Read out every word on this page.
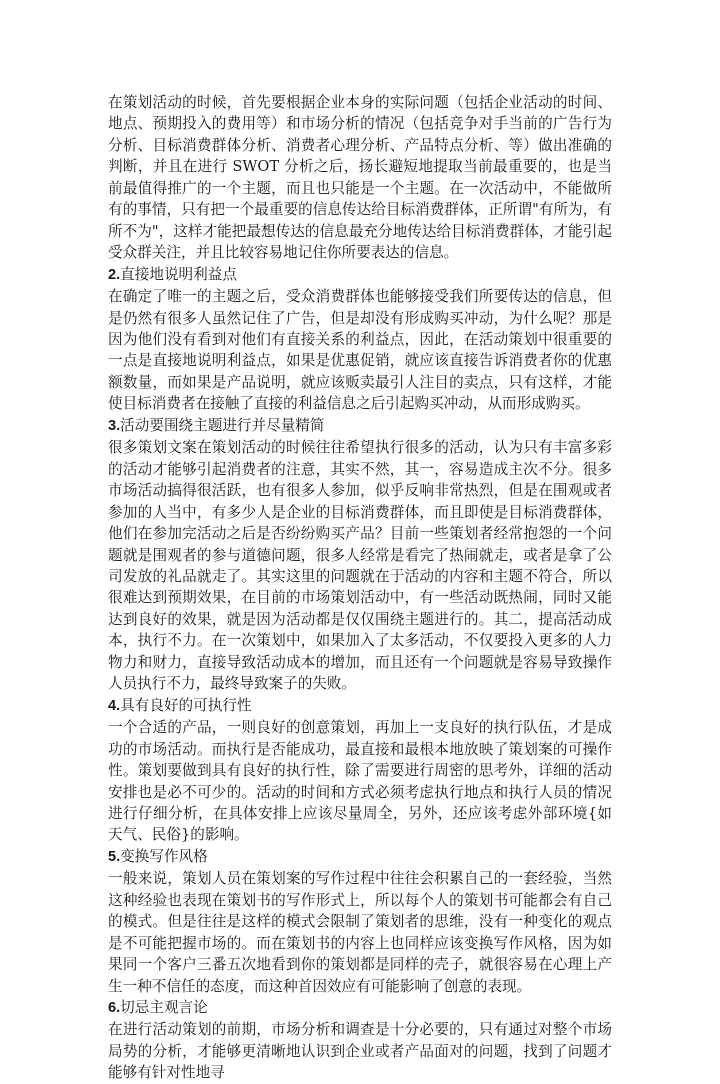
在策划活动的时候，首先要根据企业本身的实际问题（包括企业活动的时间、地点、预期投入的费用等）和市场分析的情况（包括竞争对手当前的广告行为分析、目标消费群体分析、消费者心理分析、产品特点分析、等）做出准确的判断，并且在进行 SWOT 分析之后，扬长避短地提取当前最重要的，也是当前最值得推广的一个主题，而且也只能是一个主题。在一次活动中，不能做所有的事情，只有把一个最重要的信息传达给目标消费群体，正所谓"有所为，有所不为"，这样才能把最想传达的信息最充分地传达给目标消费群体，才能引起受众群关注，并且比较容易地记住你所要表达的信息。

2.直接地说明利益点

在确定了唯一的主题之后，受众消费群体也能够接受我们所要传达的信息，但是仍然有很多人虽然记住了广告，但是却没有形成购买冲动，为什么呢？那是因为他们没有看到对他们有直接关系的利益点，因此，在活动策划中很重要的一点是直接地说明利益点，如果是优惠促销，就应该直接告诉消费者你的优惠额数量，而如果是产品说明，就应该贩卖最引人注目的卖点，只有这样，才能使目标消费者在接触了直接的利益信息之后引起购买冲动，从而形成购买。

3.活动要围绕主题进行并尽量精简

很多策划文案在策划活动的时候往往希望执行很多的活动，认为只有丰富多彩的活动才能够引起消费者的注意，其实不然，其一，容易造成主次不分。很多市场活动搞得很活跃，也有很多人参加，似乎反响非常热烈，但是在围观或者参加的人当中，有多少人是企业的目标消费群体，而且即使是目标消费群体，他们在参加完活动之后是否纷纷购买产品？目前一些策划者经常抱怨的一个问题就是围观者的参与道德问题，很多人经常是看完了热闹就走，或者是拿了公司发放的礼品就走了。其实这里的问题就在于活动的内容和主题不符合，所以很难达到预期效果，在目前的市场策划活动中，有一些活动既热闹，同时又能达到良好的效果，就是因为活动都是仅仅围绕主题进行的。其二，提高活动成本，执行不力。在一次策划中，如果加入了太多活动，不仅要投入更多的人力物力和财力，直接导致活动成本的增加，而且还有一个问题就是容易导致操作人员执行不力，最终导致案子的失败。

4.具有良好的可执行性

一个合适的产品，一则良好的创意策划，再加上一支良好的执行队伍，才是成功的市场活动。而执行是否能成功，最直接和最根本地放映了策划案的可操作性。策划要做到具有良好的执行性，除了需要进行周密的思考外，详细的活动安排也是必不可少的。活动的时间和方式必须考虑执行地点和执行人员的情况进行仔细分析，在具体安排上应该尽量周全，另外，还应该考虑外部环境{如天气、民俗}的影响。

5.变换写作风格

一般来说，策划人员在策划案的写作过程中往往会积累自己的一套经验，当然这种经验也表现在策划书的写作形式上，所以每个人的策划书可能都会有自己的模式。但是往往是这样的模式会限制了策划者的思维，没有一种变化的观点是不可能把握市场的。而在策划书的内容上也同样应该变换写作风格，因为如果同一个客户三番五次地看到你的策划都是同样的壳子，就很容易在心理上产生一种不信任的态度，而这种首因效应有可能影响了创意的表现。

6.切忌主观言论

在进行活动策划的前期，市场分析和调查是十分必要的，只有通过对整个市场局势的分析，才能够更清晰地认识到企业或者产品面对的问题，找到了问题才能够有针对性地寻
